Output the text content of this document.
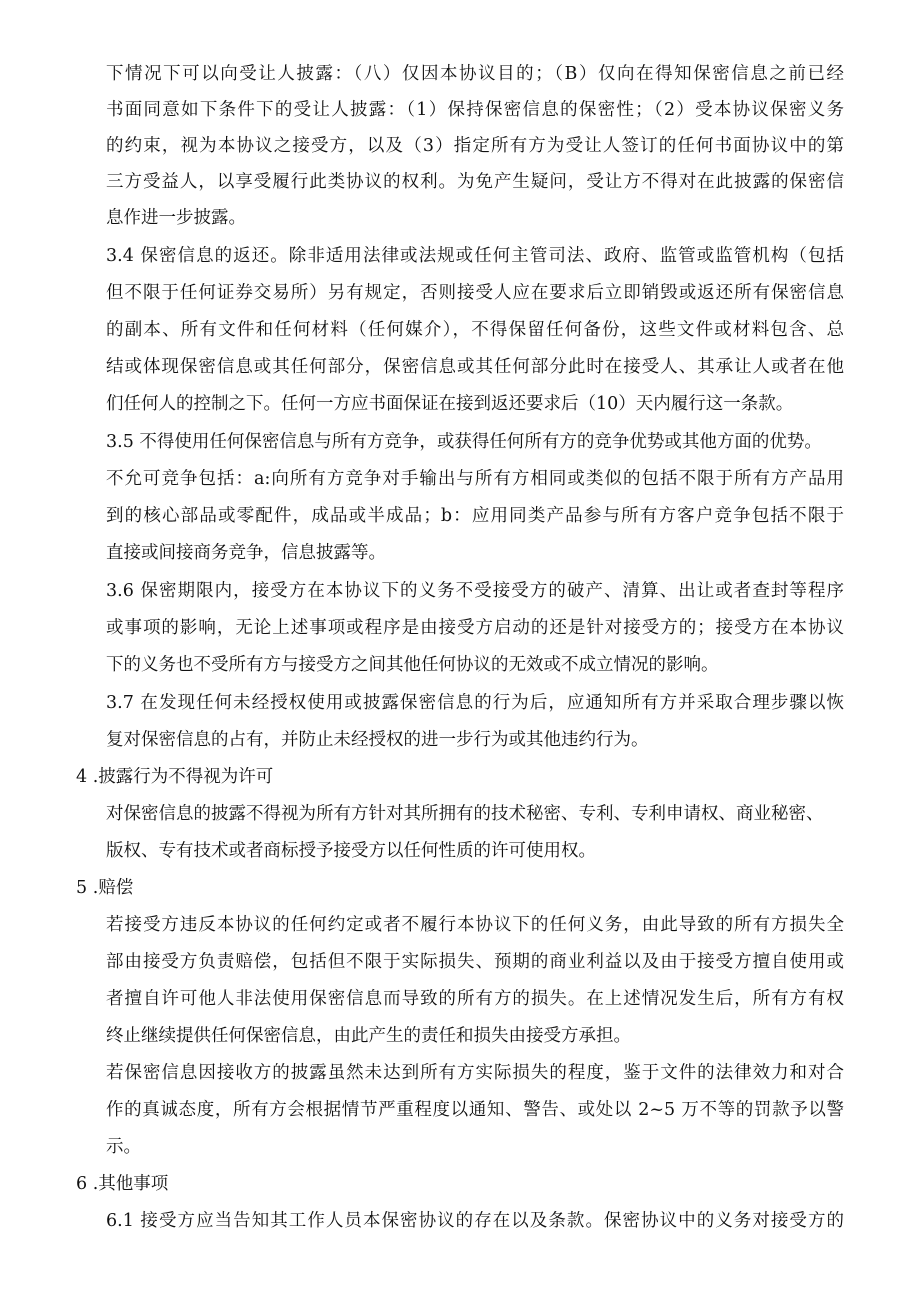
下情况下可以向受让人披露：（八）仅因本协议目的；（B）仅向在得知保密信息之前已经
书面同意如下条件下的受让人披露：（1）保持保密信息的保密性；（2）受本协议保密义务
的约束，视为本协议之接受方，以及（3）指定所有方为受让人签订的任何书面协议中的第
三方受益人，以享受履行此类协议的权利。为免产生疑问，受让方不得对在此披露的保密信
息作进一步披露。
3.4 保密信息的返还。除非适用法律或法规或任何主管司法、政府、监管或监管机构（包括
但不限于任何证券交易所）另有规定，否则接受人应在要求后立即销毁或返还所有保密信息
的副本、所有文件和任何材料（任何媒介），不得保留任何备份，这些文件或材料包含、总
结或体现保密信息或其任何部分，保密信息或其任何部分此时在接受人、其承让人或者在他
们任何人的控制之下。任何一方应书面保证在接到返还要求后（10）天内履行这一条款。
3.5 不得使用任何保密信息与所有方竞争，或获得任何所有方的竞争优势或其他方面的优势。
不允可竞争包括：a:向所有方竞争对手输出与所有方相同或类似的包括不限于所有方产品用
到的核心部品或零配件，成品或半成品；b：应用同类产品参与所有方客户竞争包括不限于
直接或间接商务竞争，信息披露等。
3.6 保密期限内，接受方在本协议下的义务不受接受方的破产、清算、出让或者查封等程序
或事项的影响，无论上述事项或程序是由接受方启动的还是针对接受方的；接受方在本协议
下的义务也不受所有方与接受方之间其他任何协议的无效或不成立情况的影响。
3.7 在发现任何未经授权使用或披露保密信息的行为后，应通知所有方并采取合理步骤以恢
复对保密信息的占有，并防止未经授权的进一步行为或其他违约行为。
4 .披露行为不得视为许可
对保密信息的披露不得视为所有方针对其所拥有的技术秘密、专利、专利申请权、商业秘密、
版权、专有技术或者商标授予接受方以任何性质的许可使用权。
5 .赔偿
若接受方违反本协议的任何约定或者不履行本协议下的任何义务，由此导致的所有方损失全
部由接受方负责赔偿，包括但不限于实际损失、预期的商业利益以及由于接受方擅自使用或
者擅自许可他人非法使用保密信息而导致的所有方的损失。在上述情况发生后，所有方有权
终止继续提供任何保密信息，由此产生的责任和损失由接受方承担。
若保密信息因接收方的披露虽然未达到所有方实际损失的程度，鉴于文件的法律效力和对合
作的真诚态度，所有方会根据情节严重程度以通知、警告、或处以 2~5 万不等的罚款予以警
示。
6 .其他事项
6.1 接受方应当告知其工作人员本保密协议的存在以及条款。保密协议中的义务对接受方的
